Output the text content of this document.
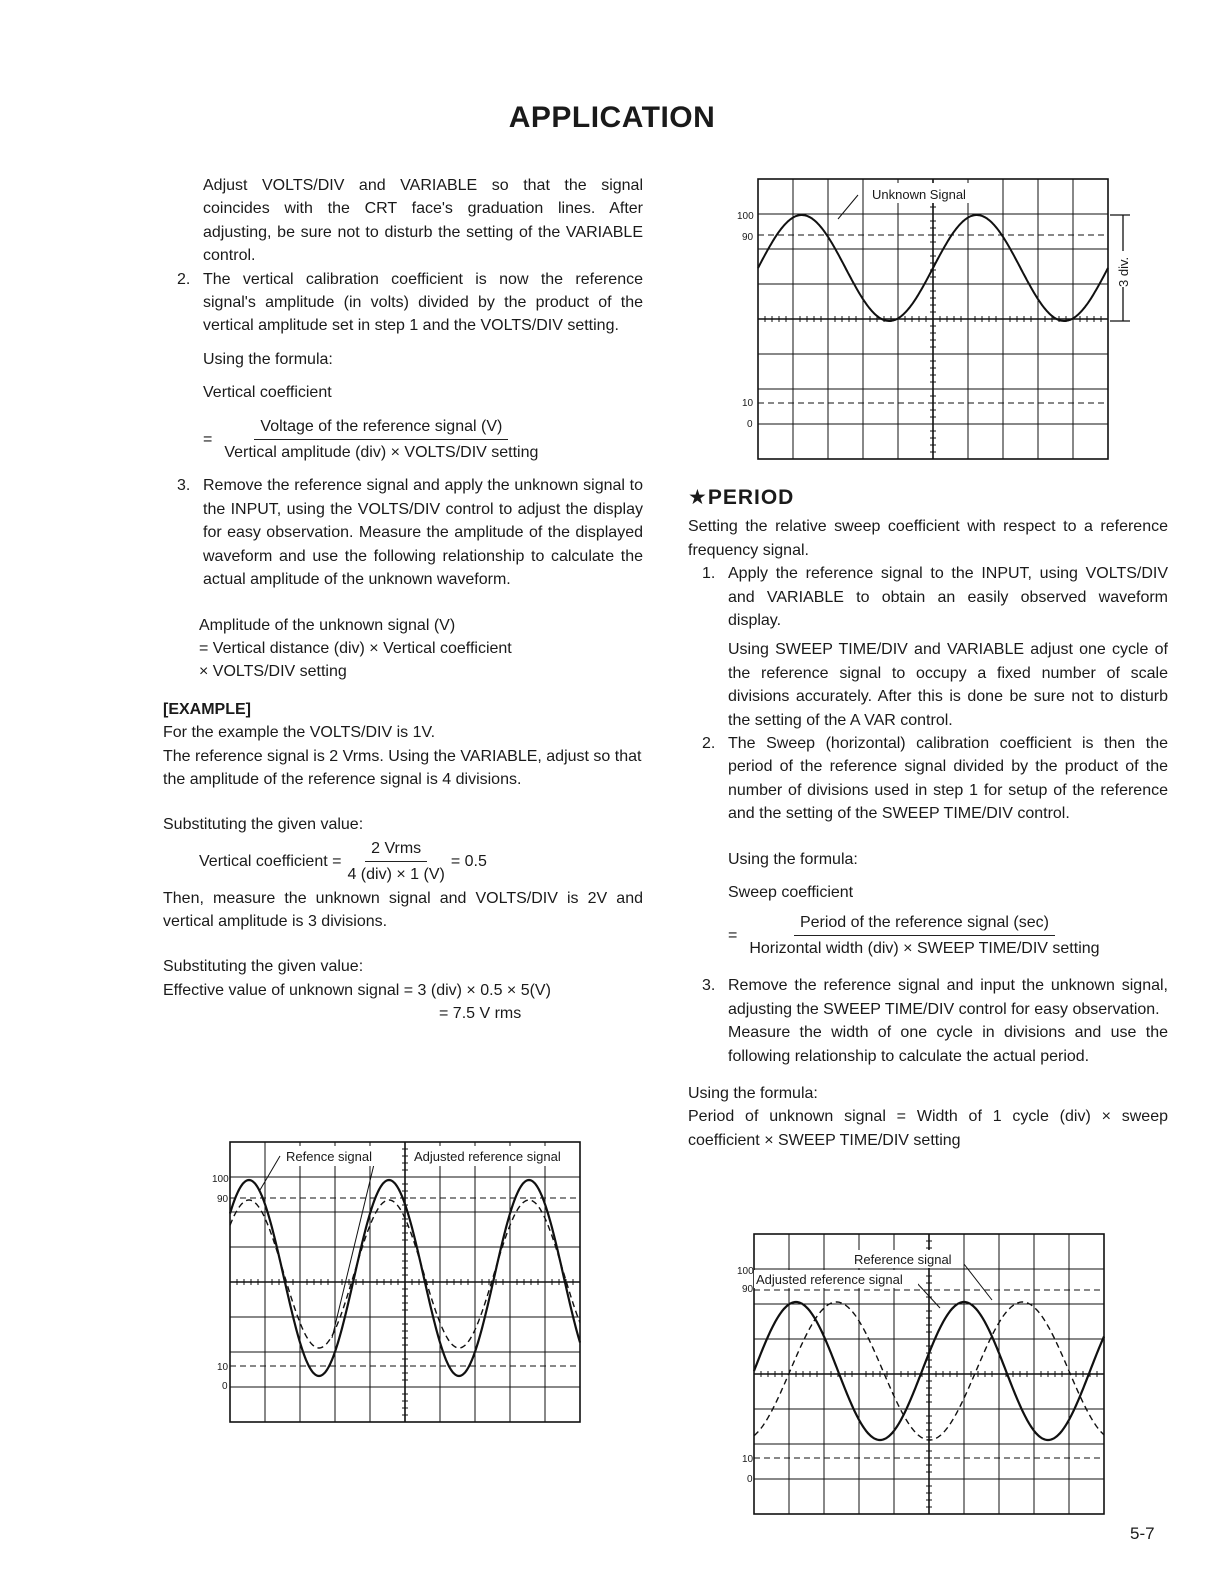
APPLICATION

Adjust VOLTS/DIV and VARIABLE so that the signal coincides with the CRT face's graduation lines. After adjusting, be sure not to disturb the setting of the VARIABLE control.

2. The vertical calibration coefficient is now the reference signal's amplitude (in volts) divided by the product of the vertical amplitude set in step 1 and the VOLTS/DIV setting.

Using the formula:

Vertical coefficient

= $\frac{\text{Voltage of the reference signal (V)}}{\text{Vertical amplitude (div) × VOLTS/DIV setting}}$

3. Remove the reference signal and apply the unknown signal to the INPUT, using the VOLTS/DIV control to adjust the display for easy observation. Measure the amplitude of the displayed waveform and use the following relationship to calculate the actual amplitude of the unknown waveform.

Amplitude of the unknown signal (V)

= Vertical distance (div) × Vertical coefficient

× VOLTS/DIV setting

[EXAMPLE]

For the example the VOLTS/DIV is 1V.

The reference signal is 2 Vrms. Using the VARIABLE, adjust so that the amplitude of the reference signal is 4 divisions.

Substituting the given value:

Vertical coefficient = $\frac{\text{2 Vrms}}{\text{4 (div) × 1 (V)}} = 0.5$

Then, measure the unknown signal and VOLTS/DIV is 2V and vertical amplitude is 3 divisions.

Substituting the given value:

Effective value of unknown signal = 3 (div) × 0.5 × 5(V)

= 7.5 V rms

★PERIOD

Setting the relative sweep coefficient with respect to a reference frequency signal.

1. Apply the reference signal to the INPUT, using VOLTS/DIV and VARIABLE to obtain an easily observed waveform display.

Using SWEEP TIME/DIV and VARIABLE adjust one cycle of the reference signal to occupy a fixed number of scale divisions accurately. After this is done be sure not to disturb the setting of the A VAR control.

2. The Sweep (horizontal) calibration coefficient is then the period of the reference signal divided by the product of the number of divisions used in step 1 for setup of the reference and the setting of the SWEEP TIME/DIV control.

Using the formula:

Sweep coefficient

= $\frac{\text{Period of the reference signal (sec)}}{\text{Horizontal width (div) × SWEEP TIME/DIV setting}}$

3. Remove the reference signal and input the unknown signal, adjusting the SWEEP TIME/DIV control for easy observation.

Measure the width of one cycle in divisions and use the following relationship to calculate the actual period.

Using the formula:

Period of unknown signal = Width of 1 cycle (div) × sweep coefficient × SWEEP TIME/DIV setting

100
90
10
0
Unknown Signal
3 div.
100
90
10
0
Refence signal	Adjusted reference signal
100
90
10
0
Reference signal
Adjusted reference signal
5-7
